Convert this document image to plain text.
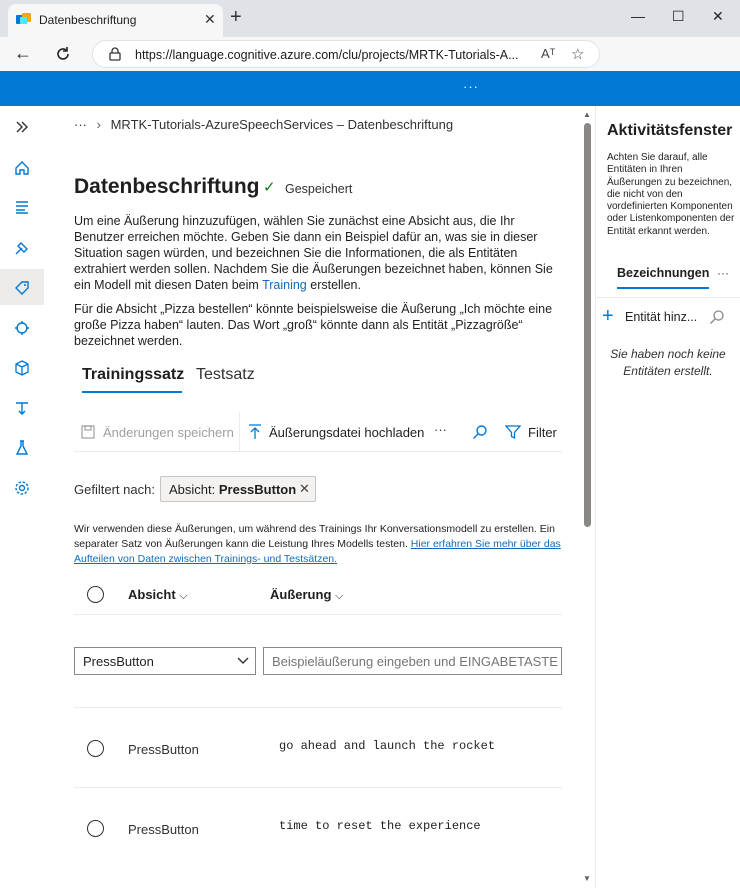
Datenbeschriftung	✕ +	— ☐ ✕
←	https://language.cognitive.azure.com/clu/projects/MRTK-Tutorials-A... Aᵀ ☆
···
··· › MRTK-Tutorials-AzureSpeechServices – Datenbeschriftung
Datenbeschriftung ✓ Gespeichert
Um eine Äußerung hinzuzufügen, wählen Sie zunächst eine Absicht aus, die Ihr Benutzer erreichen möchte. Geben Sie dann ein Beispiel dafür an, was sie in dieser Situation sagen würden, und bezeichnen Sie die Informationen, die als Entitäten extrahiert werden sollen. Nachdem Sie die Äußerungen bezeichnet haben, können Sie ein Modell mit diesen Daten beim Training erstellen.
Für die Absicht „Pizza bestellen“ könnte beispielsweise die Äußerung „Ich möchte eine große Pizza haben“ lauten. Das Wort „groß“ könnte dann als Entität „Pizzagröße“ bezeichnet werden.
Trainingssatz Testsatz
Änderungen speichern	Äußerungsdatei hochladen ···	Filter
Gefiltert nach: Absicht: PressButton ✕
Wir verwenden diese Äußerungen, um während des Trainings Ihr Konversationsmodell zu erstellen. Ein separater Satz von Äußerungen kann die Leistung Ihres Modells testen. Hier erfahren Sie mehr über das Aufteilen von Daten zwischen Trainings- und Testsätzen.
Absicht ⌵	Äußerung ⌵
PressButton
Beispieläußerung eingeben und EINGABETASTE drücken
PressButton	go ahead and launch the rocket
PressButton	time to reset the experience
▲
▼
Aktivitätsfenster
Achten Sie darauf, alle Entitäten in Ihren Äußerungen zu bezeichnen, die nicht von den vordefinierten Komponenten oder Listenkomponenten der Entität erkannt werden.
Bezeichnungen ···
+ Entität hinz...
Sie haben noch keine Entitäten erstellt.
